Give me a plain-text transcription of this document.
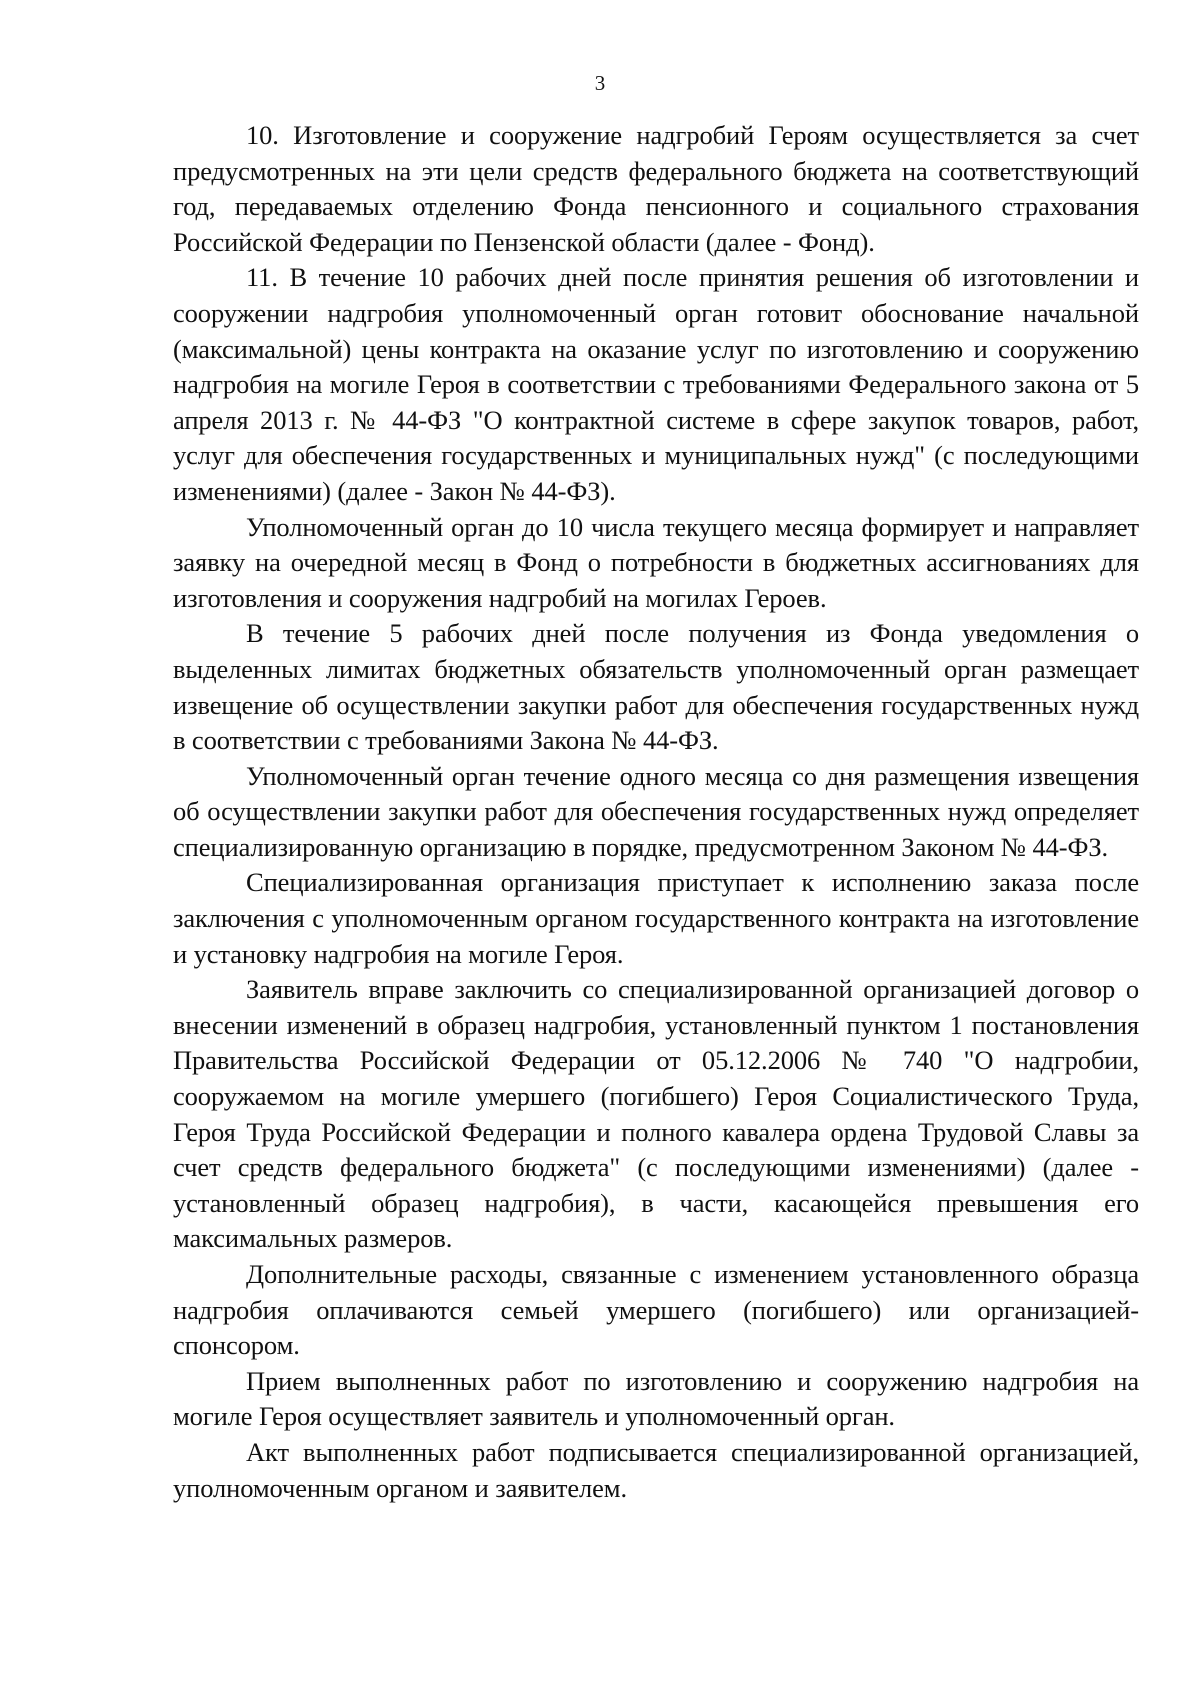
3

10. Изготовление и сооружение надгробий Героям осуществляется за счет предусмотренных на эти цели средств федерального бюджета на соответствующий год, передаваемых отделению Фонда пенсионного и социального страхования Российской Федерации по Пензенской области (далее - Фонд).

11. В течение 10 рабочих дней после принятия решения об изготовлении и сооружении надгробия уполномоченный орган готовит обоснование начальной (максимальной) цены контракта на оказание услуг по изготовлению и сооружению надгробия на могиле Героя в соответствии с требованиями Федерального закона от 5 апреля 2013 г. № 44-ФЗ "О контрактной системе в сфере закупок товаров, работ, услуг для обеспечения государственных и муниципальных нужд" (с последующими изменениями) (далее - Закон № 44-ФЗ).

Уполномоченный орган до 10 числа текущего месяца формирует и направляет заявку на очередной месяц в Фонд о потребности в бюджетных ассигнованиях для изготовления и сооружения надгробий на могилах Героев.

В течение 5 рабочих дней после получения из Фонда уведомления о выделенных лимитах бюджетных обязательств уполномоченный орган размещает извещение об осуществлении закупки работ для обеспечения государственных нужд в соответствии с требованиями Закона № 44-ФЗ.

Уполномоченный орган течение одного месяца со дня размещения извещения об осуществлении закупки работ для обеспечения государственных нужд определяет специализированную организацию в порядке, предусмотренном Законом № 44-ФЗ.

Специализированная организация приступает к исполнению заказа после заключения с уполномоченным органом государственного контракта на изготовление и установку надгробия на могиле Героя.

Заявитель вправе заключить со специализированной организацией договор о внесении изменений в образец надгробия, установленный пунктом 1 постановления Правительства Российской Федерации от 05.12.2006 № 740 "О надгробии, сооружаемом на могиле умершего (погибшего) Героя Социалистического Труда, Героя Труда Российской Федерации и полного кавалера ордена Трудовой Славы за счет средств федерального бюджета" (с последующими изменениями) (далее - установленный образец надгробия), в части, касающейся превышения его максимальных размеров.

Дополнительные расходы, связанные с изменением установленного образца надгробия оплачиваются семьей умершего (погибшего) или организацией-спонсором.

Прием выполненных работ по изготовлению и сооружению надгробия на могиле Героя осуществляет заявитель и уполномоченный орган.

Акт выполненных работ подписывается специализированной организацией, уполномоченным органом и заявителем.
